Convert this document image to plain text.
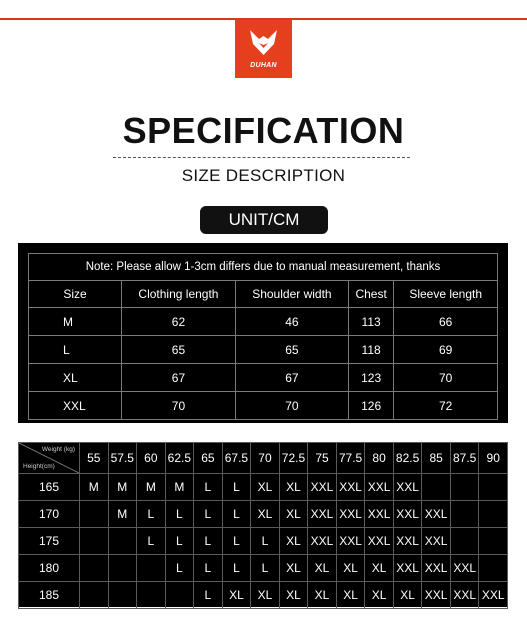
DUHAN
SPECIFICATION
SIZE DESCRIPTION
UNIT/CM
Note: Please allow 1-3cm differs due to manual measurement, thanks				
Size	Clothing length	Shoulder width	Chest	Sleeve length
M	62	46	113	66
L	65	65	118	69
XL	67	67	123	70
XXL	70	70	126	72
Weight (kg)
Height(cm)	55	57.5	60	62.5	65	67.5	70	72.5	75	77.5	80	82.5	85	87.5	90
165	M	M	M	M	L	L	XL	XL	XXL	XXL	XXL	XXL			
170		M	L	L	L	L	XL	XL	XXL	XXL	XXL	XXL	XXL		
175			L	L	L	L	L	XL	XXL	XXL	XXL	XXL	XXL		
180				L	L	L	L	XL	XL	XL	XL	XXL	XXL	XXL	
185					L	XL	XL	XL	XL	XL	XL	XL	XXL	XXL	XXL
